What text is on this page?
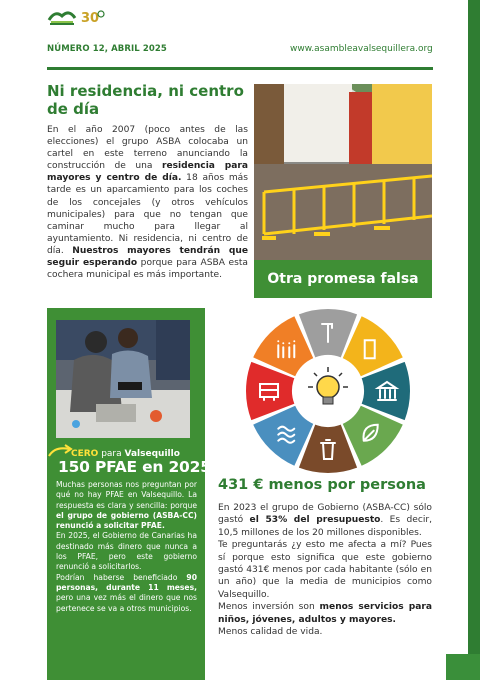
30
NÚMERO 12, ABRIL 2025	www.asambleavalsequillera.org
Ni residencia, ni centro de día
En el año 2007 (poco antes de las elecciones) el grupo ASBA colocaba un cartel en este terreno anunciando la construcción de una residencia para mayores y centro de día. 18 años más tarde es un aparcamiento para los coches de los concejales (y otros vehículos municipales) para que no tengan que caminar mucho para llegar al ayuntamiento. Ni residencia, ni centro de día. Nuestros mayores tendrán que seguir esperando porque para ASBA esta cochera municipal es más importante.	Otra promesa falsa
CERO para Valsequillo
150 PFAE en 2025
Muchas personas nos preguntan por qué no hay PFAE en Valsequillo. La respuesta es clara y sencilla: porque el grupo de gobierno (ASBA-CC) renunció a solicitar PFAE.
En 2025, el Gobierno de Canarias ha destinado más dinero que nunca a los PFAE, pero este gobierno renunció a solicitarlos.
Podrían haberse beneficiado 90 personas, durante 11 meses, pero una vez más el dinero que nos pertenece se va a otros municipios.
431 € menos por persona

En 2023 el grupo de Gobierno (ASBA-CC) sólo gastó el 53% del presupuesto. Es decir, 10,5 millones de los 20 millones disponibles.

Te preguntarás ¿y esto me afecta a mí? Pues sí porque esto significa que este gobierno gastó 431€ menos por cada habitante (sólo en un año) que la media de municipios como Valsequillo.

Menos inversión son menos servicios para niños, jóvenes, adultos y mayores.

Menos calidad de vida.
